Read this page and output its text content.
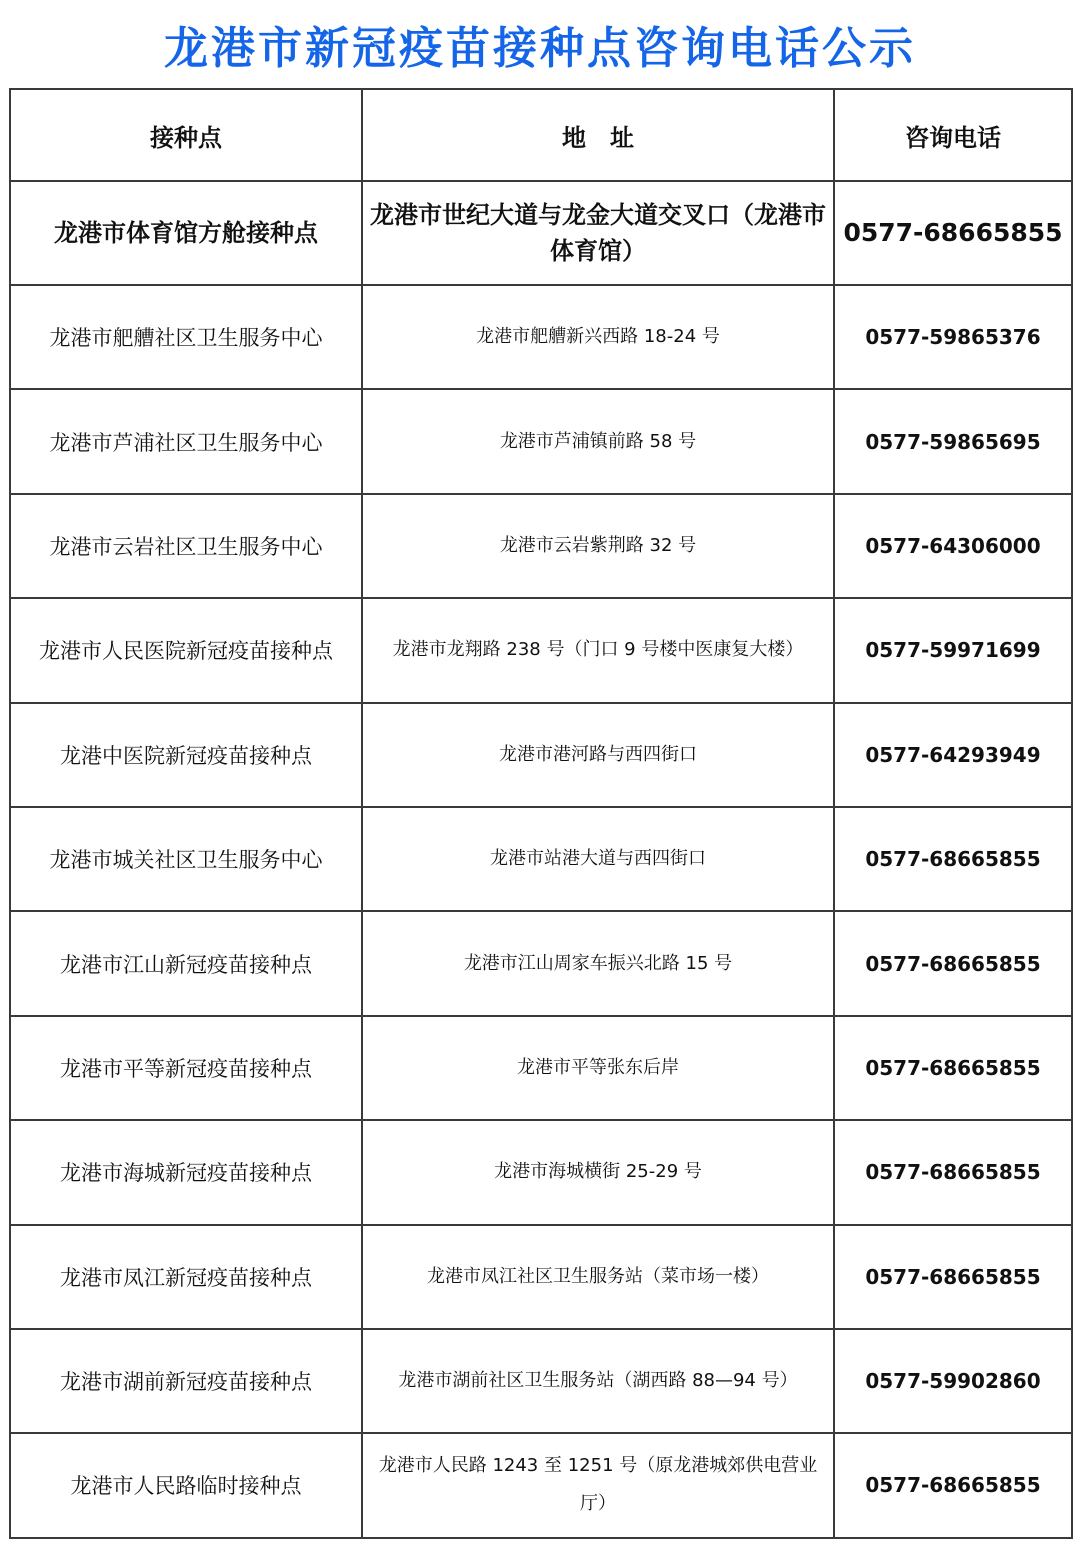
龙港市新冠疫苗接种点咨询电话公示
接种点	地　址	咨询电话
龙港市体育馆方舱接种点	龙港市世纪大道与龙金大道交叉口（龙港市体育馆）	0577-68665855
龙港市舥艚社区卫生服务中心	龙港市舥艚新兴西路 18-24 号	0577-59865376
龙港市芦浦社区卫生服务中心	龙港市芦浦镇前路 58 号	0577-59865695
龙港市云岩社区卫生服务中心	龙港市云岩紫荆路 32 号	0577-64306000
龙港市人民医院新冠疫苗接种点	龙港市龙翔路 238 号（门口 9 号楼中医康复大楼）	0577-59971699
龙港中医院新冠疫苗接种点	龙港市港河路与西四街口	0577-64293949
龙港市城关社区卫生服务中心	龙港市站港大道与西四街口	0577-68665855
龙港市江山新冠疫苗接种点	龙港市江山周家车振兴北路 15 号	0577-68665855
龙港市平等新冠疫苗接种点	龙港市平等张东后岸	0577-68665855
龙港市海城新冠疫苗接种点	龙港市海城横街 25-29 号	0577-68665855
龙港市凤江新冠疫苗接种点	龙港市凤江社区卫生服务站（菜市场一楼）	0577-68665855
龙港市湖前新冠疫苗接种点	龙港市湖前社区卫生服务站（湖西路 88—94 号）	0577-59902860
龙港市人民路临时接种点	龙港市人民路 1243 至 1251 号（原龙港城郊供电营业厅）	0577-68665855
